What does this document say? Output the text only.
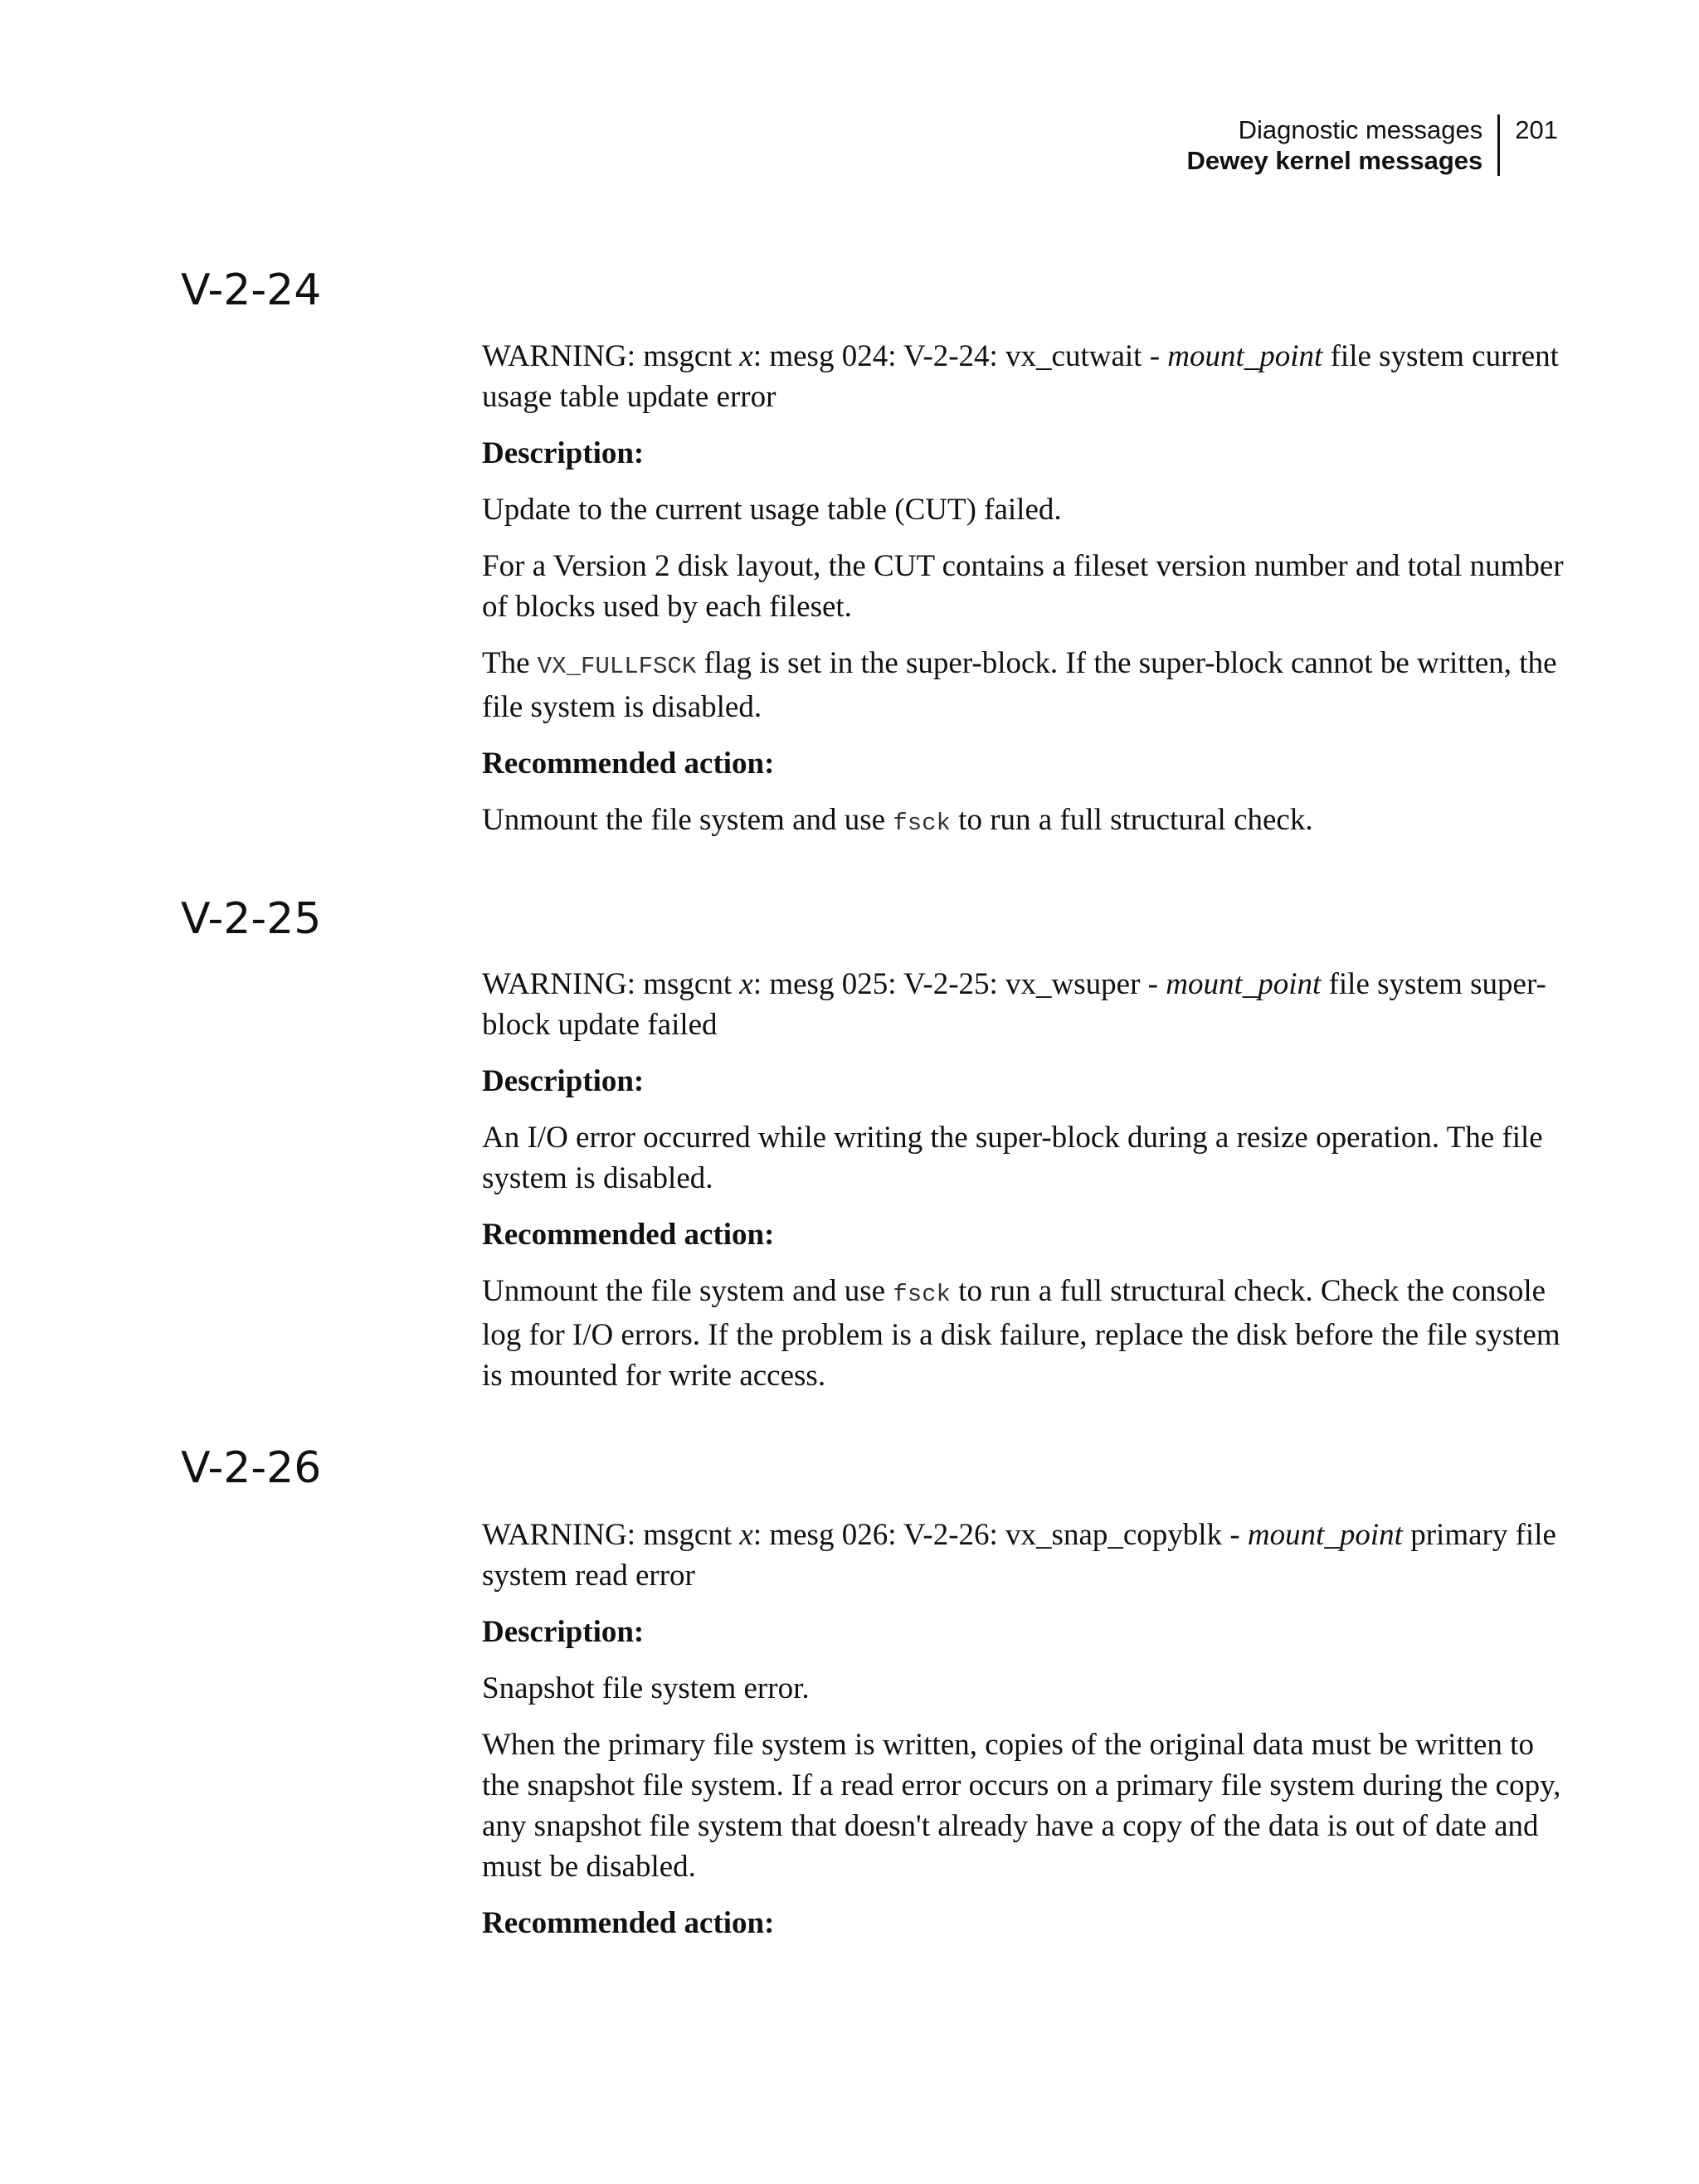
Diagnostic messages
Dewey kernel messages
201
V-2-24

WARNING: msgcnt x: mesg 024: V-2-24: vx_cutwait - mount_point file system current usage table update error

Description:

Update to the current usage table (CUT) failed.

For a Version 2 disk layout, the CUT contains a fileset version number and total number of blocks used by each fileset.

The VX_FULLFSCK flag is set in the super-block. If the super-block cannot be written, the file system is disabled.

Recommended action:

Unmount the file system and use fsck to run a full structural check.

V-2-25

WARNING: msgcnt x: mesg 025: V-2-25: vx_wsuper - mount_point file system super-block update failed

Description:

An I/O error occurred while writing the super-block during a resize operation. The file system is disabled.

Recommended action:

Unmount the file system and use fsck to run a full structural check. Check the console log for I/O errors. If the problem is a disk failure, replace the disk before the file system is mounted for write access.

V-2-26

WARNING: msgcnt x: mesg 026: V-2-26: vx_snap_copyblk - mount_point primary file system read error

Description:

Snapshot file system error.

When the primary file system is written, copies of the original data must be written to the snapshot file system. If a read error occurs on a primary file system during the copy, any snapshot file system that doesn't already have a copy of the data is out of date and must be disabled.

Recommended action:
